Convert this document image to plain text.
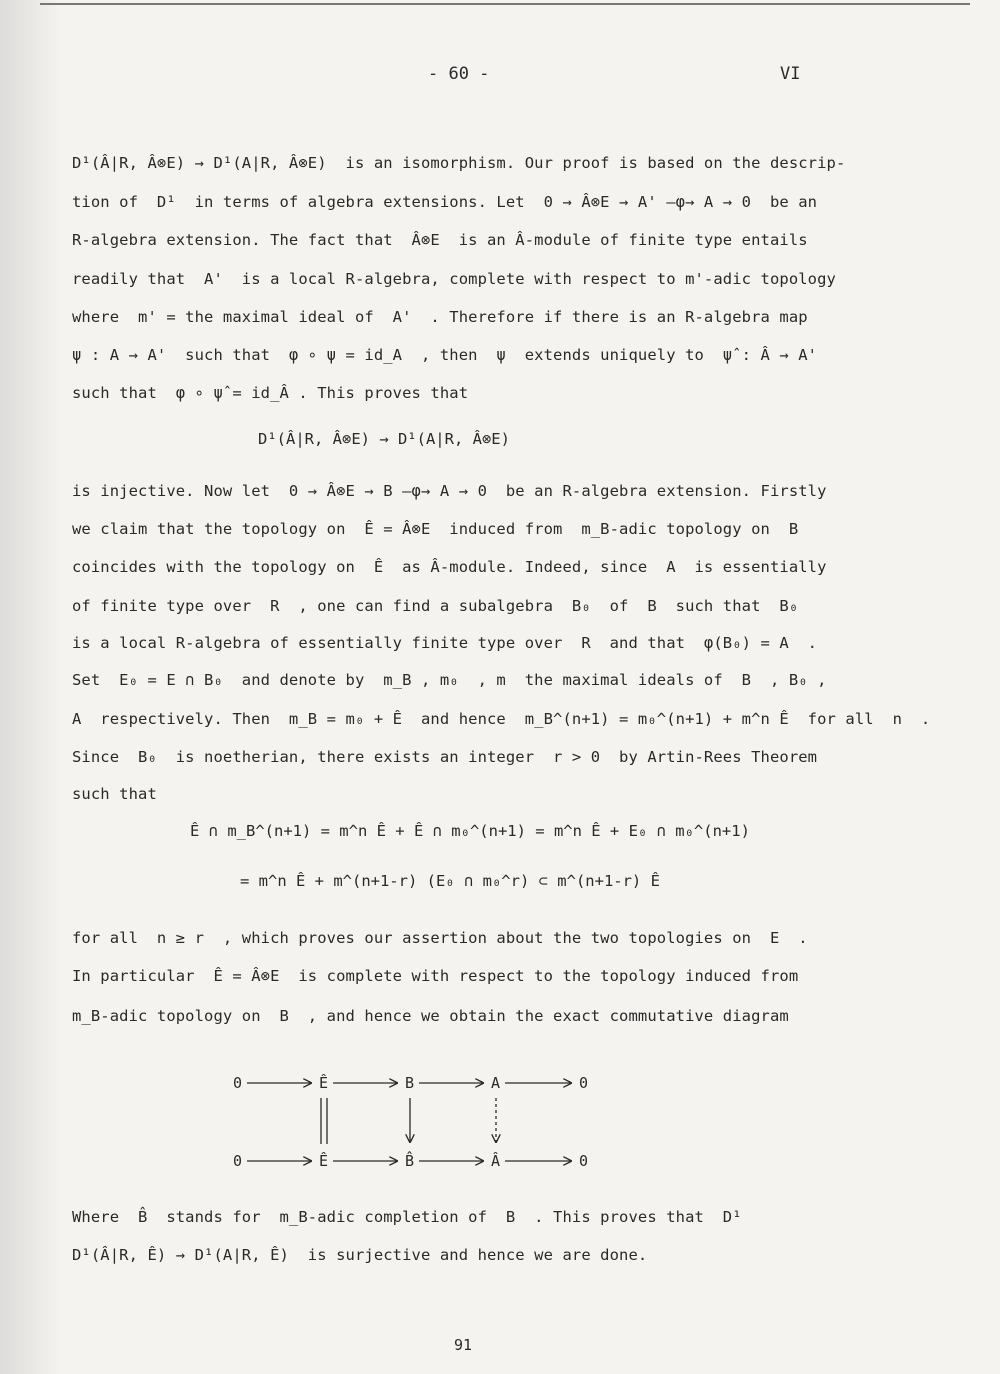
- 60 -	VI
D¹(Â|R, Â⊗E) → D¹(A|R, Â⊗E)  is an isomorphism. Our proof is based on the descrip-
tion of  D¹  in terms of algebra extensions. Let  0 → Â⊗E → A' —φ→ A → 0  be an
R-algebra extension. The fact that  Â⊗E  is an Â-module of finite type entails
readily that  A'  is a local R-algebra, complete with respect to m'-adic topology
where  m' = the maximal ideal of  A'  . Therefore if there is an R-algebra map
ψ : A → A'  such that  φ ∘ ψ = id_A  , then  ψ  extends uniquely to  ψ̂ : Â → A'
such that  φ ∘ ψ̂ = id_Â . This proves that
D¹(Â|R, Â⊗E) → D¹(A|R, Â⊗E)
is injective. Now let  0 → Â⊗E → B —φ→ A → 0  be an R-algebra extension. Firstly
we claim that the topology on  Ê = Â⊗E  induced from  m_B-adic topology on  B
coincides with the topology on  Ê  as Â-module. Indeed, since  A  is essentially
of finite type over  R  , one can find a subalgebra  B₀  of  B  such that  B₀
is a local R-algebra of essentially finite type over  R  and that  φ(B₀) = A  .
Set  E₀ = E ∩ B₀  and denote by  m_B , m₀  , m  the maximal ideals of  B  , B₀ ,
A  respectively. Then  m_B = m₀ + Ê  and hence  m_B^(n+1) = m₀^(n+1) + m^n Ê  for all  n  .
Since  B₀  is noetherian, there exists an integer  r > 0  by Artin-Rees Theorem
such that
Ê ∩ m_B^(n+1) = m^n Ê + Ê ∩ m₀^(n+1) = m^n Ê + E₀ ∩ m₀^(n+1)
= m^n Ê + m^(n+1-r) (E₀ ∩ m₀^r) ⊂ m^(n+1-r) Ê
for all  n ≥ r  , which proves our assertion about the two topologies on  E  .
In particular  Ê = Â⊗E  is complete with respect to the topology induced from
m_B-adic topology on  B  , and hence we obtain the exact commutative diagram
0	Ê	B	A	0
0	Ê	B̂	Â	0
Where  B̂  stands for  m_B-adic completion of  B  . This proves that  D¹
D¹(Â|R, Ê) → D¹(A|R, Ê)  is surjective and hence we are done.
91
